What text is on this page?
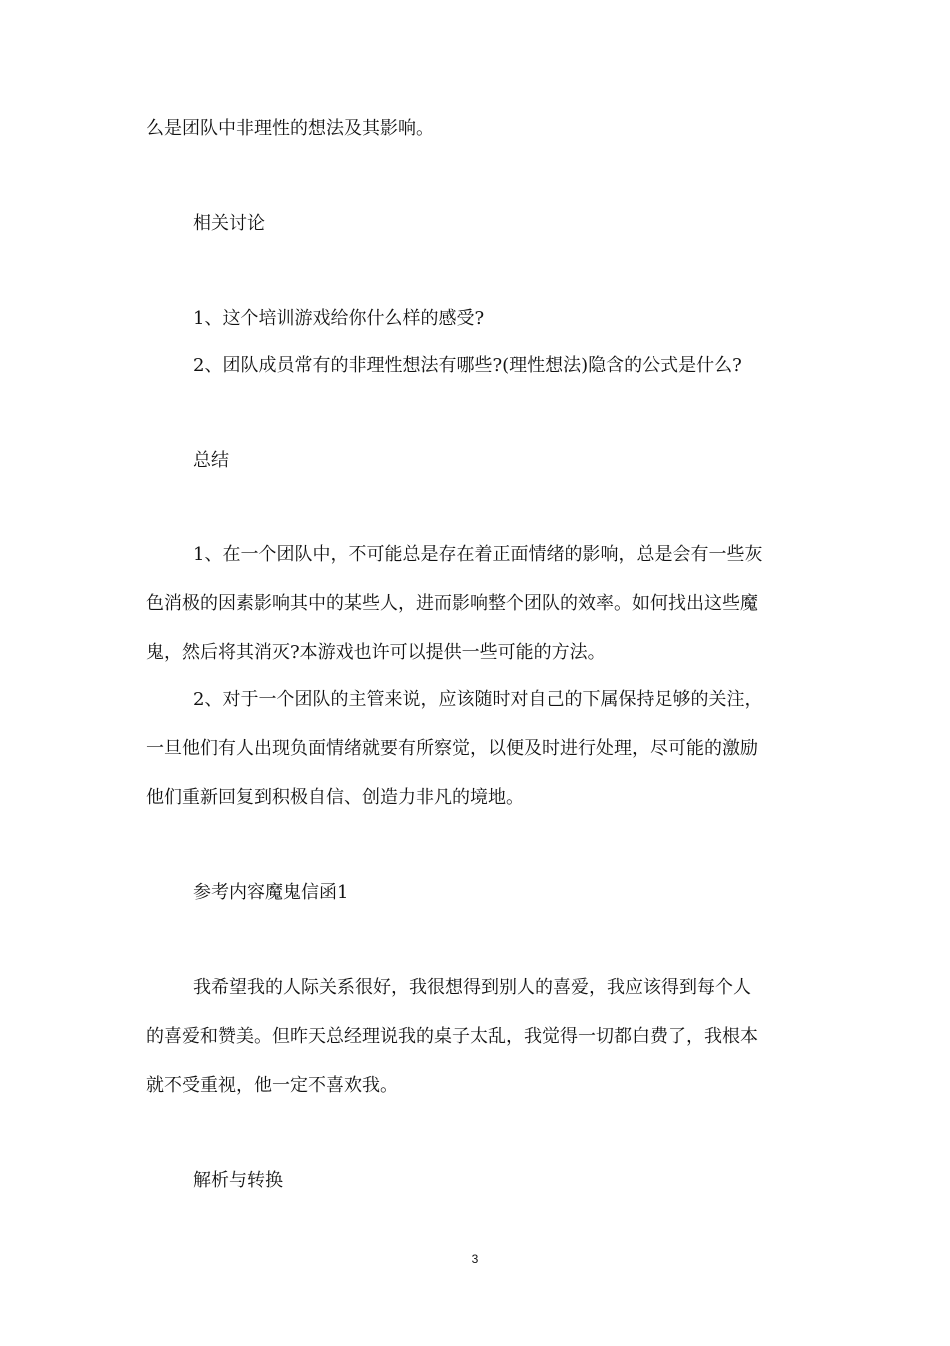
么是团队中非理性的想法及其影响。

相关讨论

1、这个培训游戏给你什么样的感受?

2、团队成员常有的非理性想法有哪些?(理性想法)隐含的公式是什么?

总结

1、在一个团队中，不可能总是存在着正面情绪的影响，总是会有一些灰

色消极的因素影响其中的某些人，进而影响整个团队的效率。如何找出这些魔

鬼，然后将其消灭?本游戏也许可以提供一些可能的方法。

2、对于一个团队的主管来说，应该随时对自己的下属保持足够的关注，

一旦他们有人出现负面情绪就要有所察觉，以便及时进行处理，尽可能的激励

他们重新回复到积极自信、创造力非凡的境地。

参考内容魔鬼信函1

我希望我的人际关系很好，我很想得到别人的喜爱，我应该得到每个人

的喜爱和赞美。但昨天总经理说我的桌子太乱，我觉得一切都白费了，我根本

就不受重视，他一定不喜欢我。

解析与转换

3
